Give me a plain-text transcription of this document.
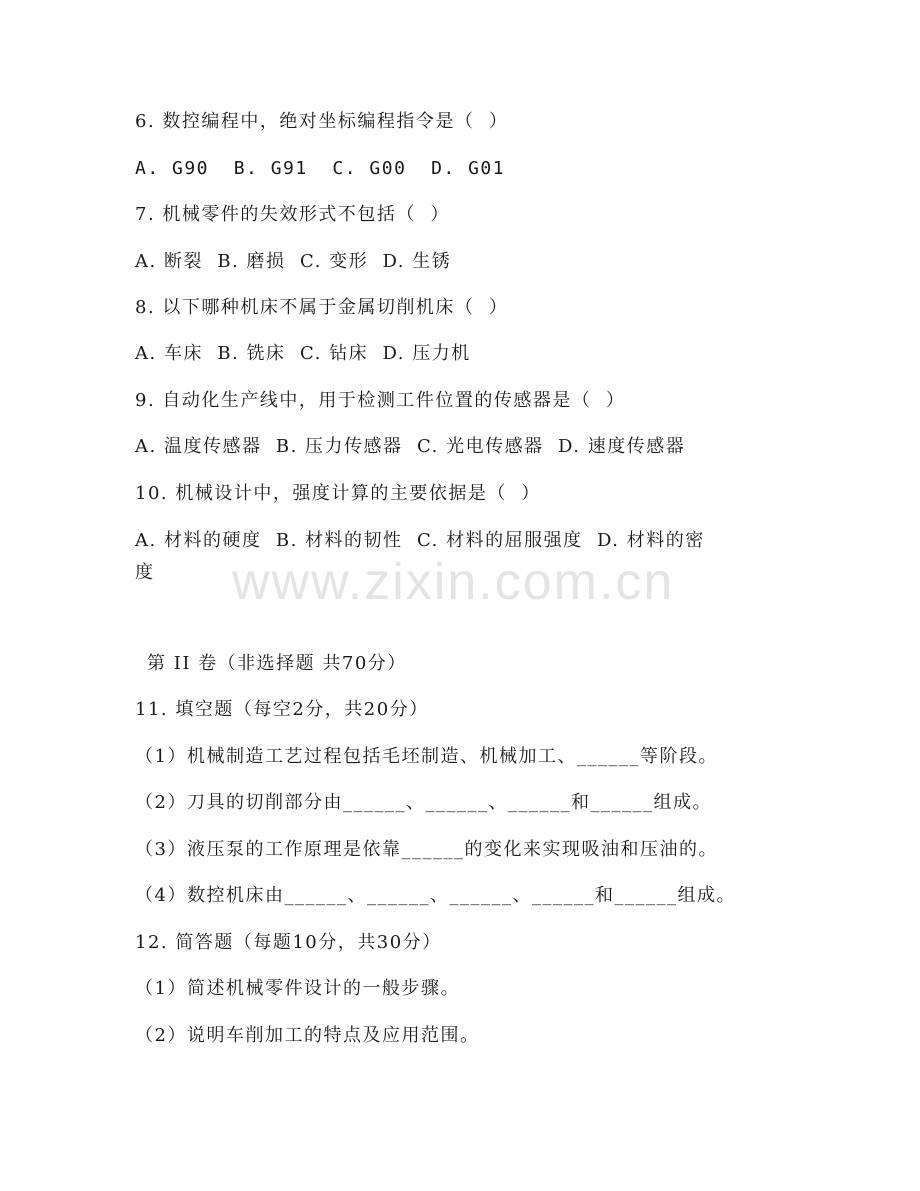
6. 数控编程中，绝对坐标编程指令是（  ）
A. G90  B. G91  C. G00  D. G01
7. 机械零件的失效形式不包括（  ）
A. 断裂  B. 磨损  C. 变形  D. 生锈
8. 以下哪种机床不属于金属切削机床（  ）
A. 车床  B. 铣床  C. 钻床  D. 压力机
9. 自动化生产线中，用于检测工件位置的传感器是（  ）
A. 温度传感器  B. 压力传感器  C. 光电传感器  D. 速度传感器
10. 机械设计中，强度计算的主要依据是（  ）
A. 材料的硬度  B. 材料的韧性  C. 材料的屈服强度  D. 材料的密
度 www.zixin.com.cn
第 II 卷（非选择题 共70分）
11. 填空题（每空2分，共20分）
（1）机械制造工艺过程包括毛坯制造、机械加工、______等阶段。
（2）刀具的切削部分由______、______、______和______组成。
（3）液压泵的工作原理是依靠______的变化来实现吸油和压油的。
（4）数控机床由______、______、______、______和______组成。
12. 简答题（每题10分，共30分）
（1）简述机械零件设计的一般步骤。
（2）说明车削加工的特点及应用范围。
